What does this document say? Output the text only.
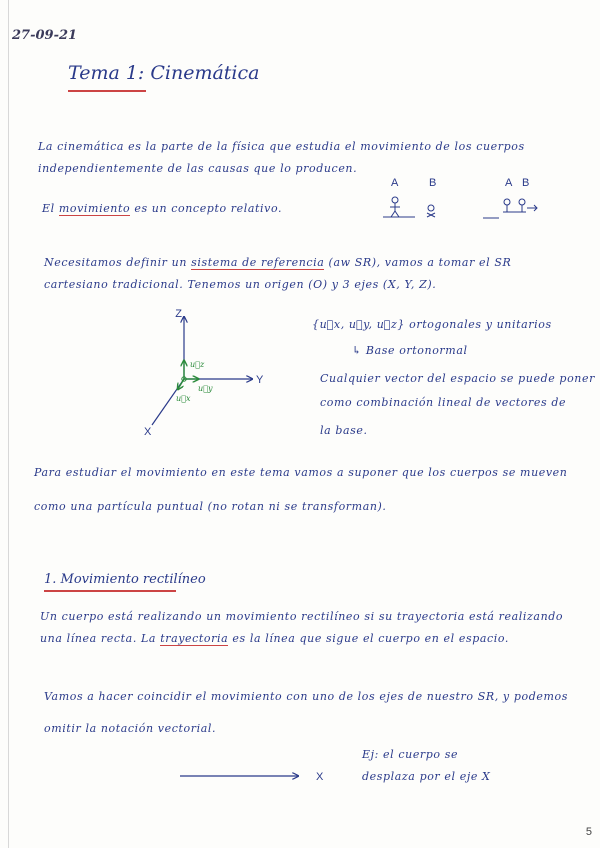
27-09-21
Tema 1: Cinemática
La cinemática es la parte de la física que estudia el movimiento de los cuerpos
independientemente de las causas que lo producen.
A	B	A B
El movimiento es un concepto relativo.
Necesitamos definir un sistema de referencia (aw SR), vamos a tomar el SR
cartesiano tradicional. Tenemos un origen (O) y 3 ejes (X, Y, Z).
Z
Y
X
u⃗z
u⃗y
u⃗x
{u⃗x, u⃗y, u⃗z} ortogonales y unitarios
↳ Base ortonormal
Cualquier vector del espacio se puede poner
como combinación lineal de vectores de
la base.
Para estudiar el movimiento en este tema vamos a suponer que los cuerpos se mueven
como una partícula puntual (no rotan ni se transforman).
1. Movimiento rectilíneo
Un cuerpo está realizando un movimiento rectilíneo si su trayectoria está realizando
una línea recta. La trayectoria es la línea que sigue el cuerpo en el espacio.
Vamos a hacer coincidir el movimiento con uno de los ejes de nuestro SR, y podemos
omitir la notación vectorial.
Ej: el cuerpo se
desplaza por el eje X
X
5
